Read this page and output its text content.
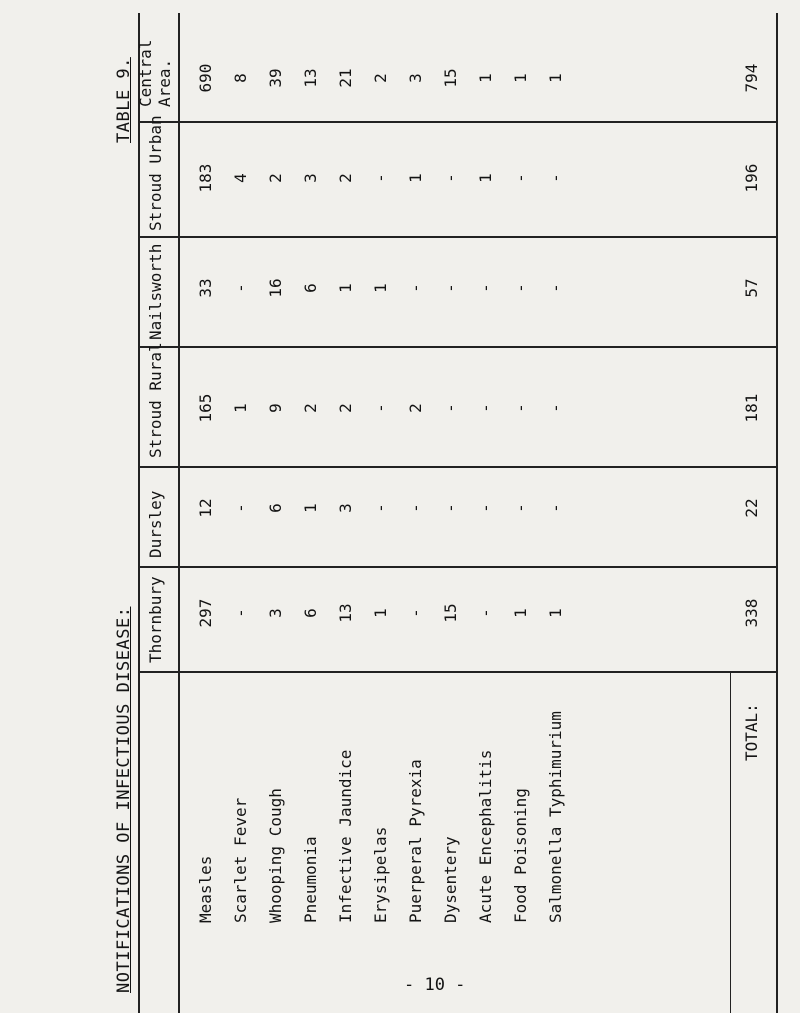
NOTIFICATIONS OF INFECTIOUS DISEASE:
TABLE 9.
Thornbury
Dursley
Stroud Rural
Nailsworth
Stroud Urban
Central Area.
Measles
297
12
165
33
183
690
Scarlet Fever
-
-
1
-
4
8
Whooping Cough
3
6
9
16
2
39
Pneumonia
6
1
2
6
3
13
Infective Jaundice
13
3
2
1
2
21
Erysipelas
1
-
-
1
-
2
Puerperal Pyrexia
-
-
2
-
1
3
Dysentery
15
-
-
-
-
15
Acute Encephalitis
-
-
-
-
1
1
Food Poisoning
1
-
-
-
-
1
Salmonella Typhimurium
1
-
-
-
-
1
TOTAL:
338
22
181
57
196
794
- 10 -
